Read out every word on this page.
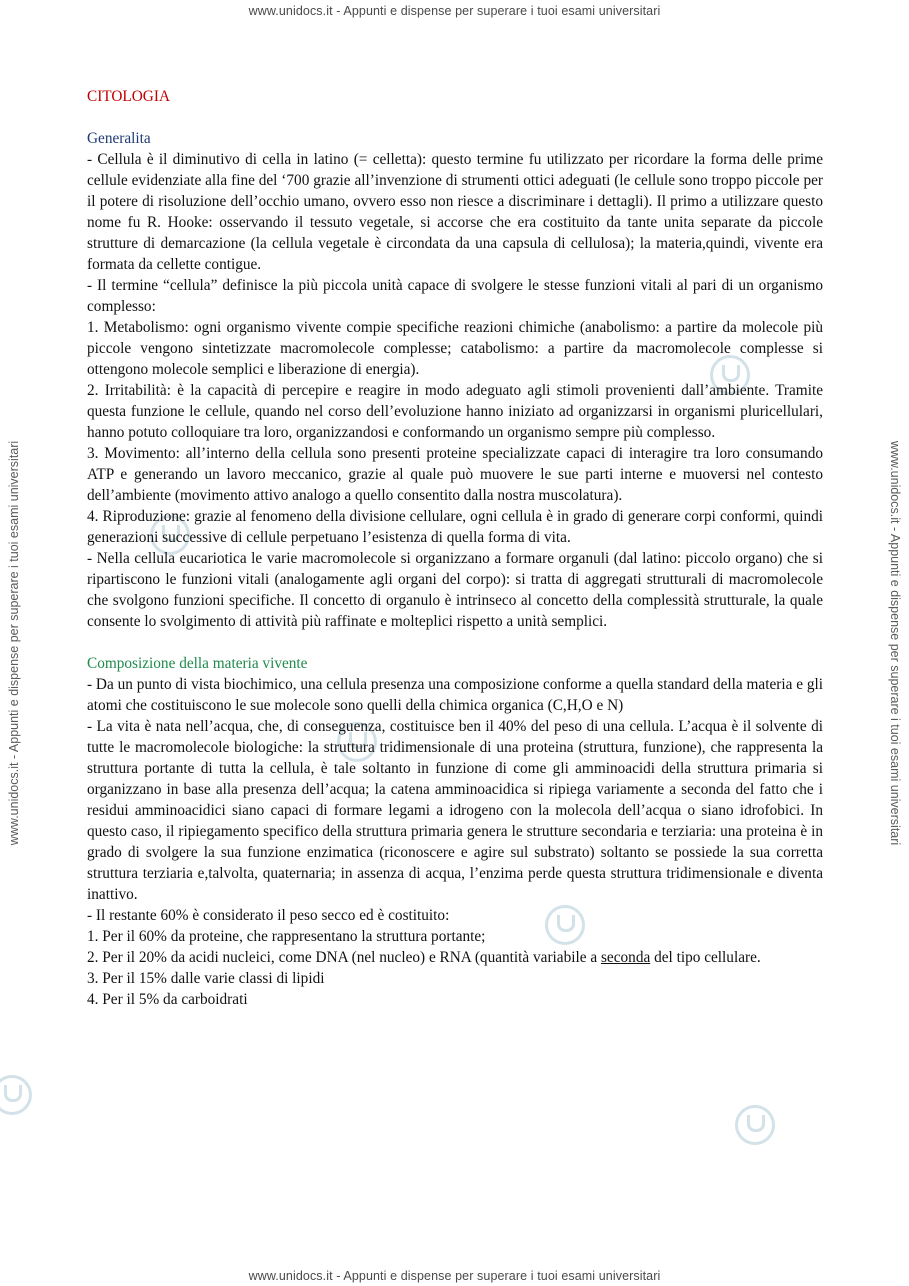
www.unidocs.it - Appunti e dispense per superare i tuoi esami universitari
www.unidocs.it - Appunti e dispense per superare i tuoi esami universitari	www.unidocs.it - Appunti e dispense per superare i tuoi esami universitari
CITOLOGIA
Generalita

- Cellula è il diminutivo di cella in latino (= celletta): questo termine fu utilizzato per ricordare la forma delle prime cellule evidenziate alla fine del ‘700 grazie all’invenzione di strumenti ottici adeguati (le cellule sono troppo piccole per il potere di risoluzione dell’occhio umano, ovvero esso non riesce a discriminare i dettagli). Il primo a utilizzare questo nome fu R. Hooke: osservando il tessuto vegetale, si accorse che era costituito da tante unita separate da piccole strutture di demarcazione (la cellula vegetale è circondata da una capsula di cellulosa); la materia,quindi, vivente era formata da cellette contigue.

- Il termine “cellula” definisce la più piccola unità capace di svolgere le stesse funzioni vitali al pari di un organismo complesso:

1. Metabolismo: ogni organismo vivente compie specifiche reazioni chimiche (anabolismo: a partire da molecole più piccole vengono sintetizzate macromolecole complesse; catabolismo: a partire da macromolecole complesse si ottengono molecole semplici e liberazione di energia).

2. Irritabilità: è la capacità di percepire e reagire in modo adeguato agli stimoli provenienti dall’ambiente. Tramite questa funzione le cellule, quando nel corso dell’evoluzione hanno iniziato ad organizzarsi in organismi pluricellulari, hanno potuto colloquiare tra loro, organizzandosi e conformando un organismo sempre più complesso.

3. Movimento: all’interno della cellula sono presenti proteine specializzate capaci di interagire tra loro consumando ATP e generando un lavoro meccanico, grazie al quale può muovere le sue parti interne e muoversi nel contesto dell’ambiente (movimento attivo analogo a quello consentito dalla nostra muscolatura).

4. Riproduzione: grazie al fenomeno della divisione cellulare, ogni cellula è in grado di generare corpi conformi, quindi generazioni successive di cellule perpetuano l’esistenza di quella forma di vita.

- Nella cellula eucariotica le varie macromolecole si organizzano a formare organuli (dal latino: piccolo organo) che si ripartiscono le funzioni vitali (analogamente agli organi del corpo): si tratta di aggregati strutturali di macromolecole che svolgono funzioni specifiche. Il concetto di organulo è intrinseco al concetto della complessità strutturale, la quale consente lo svolgimento di attività più raffinate e molteplici rispetto a unità semplici.

Composizione della materia vivente

- Da un punto di vista biochimico, una cellula presenza una composizione conforme a quella standard della materia e gli atomi che costituiscono le sue molecole sono quelli della chimica organica (C,H,O e N)

- La vita è nata nell’acqua, che, di conseguenza, costituisce ben il 40% del peso di una cellula. L’acqua è il solvente di tutte le macromolecole biologiche: la struttura tridimensionale di una proteina (struttura, funzione), che rappresenta la struttura portante di tutta la cellula, è tale soltanto in funzione di come gli amminoacidi della struttura primaria si organizzano in base alla presenza dell’acqua; la catena amminoacidica si ripiega variamente a seconda del fatto che i residui amminoacidici siano capaci di formare legami a idrogeno con la molecola dell’acqua o siano idrofobici. In questo caso, il ripiegamento specifico della struttura primaria genera le strutture secondaria e terziaria: una proteina è in grado di svolgere la sua funzione enzimatica (riconoscere e agire sul substrato) soltanto se possiede la sua corretta struttura terziaria e,talvolta, quaternaria; in assenza di acqua, l’enzima perde questa struttura tridimensionale e diventa inattivo.

- Il restante 60% è considerato il peso secco ed è costituito:

1. Per il 60% da proteine, che rappresentano la struttura portante;

2. Per il 20% da acidi nucleici, come DNA (nel nucleo) e RNA (quantità variabile a seconda del tipo cellulare.

3. Per il 15% dalle varie classi di lipidi

4. Per il 5% da carboidrati

www.unidocs.it - Appunti e dispense per superare i tuoi esami universitari
